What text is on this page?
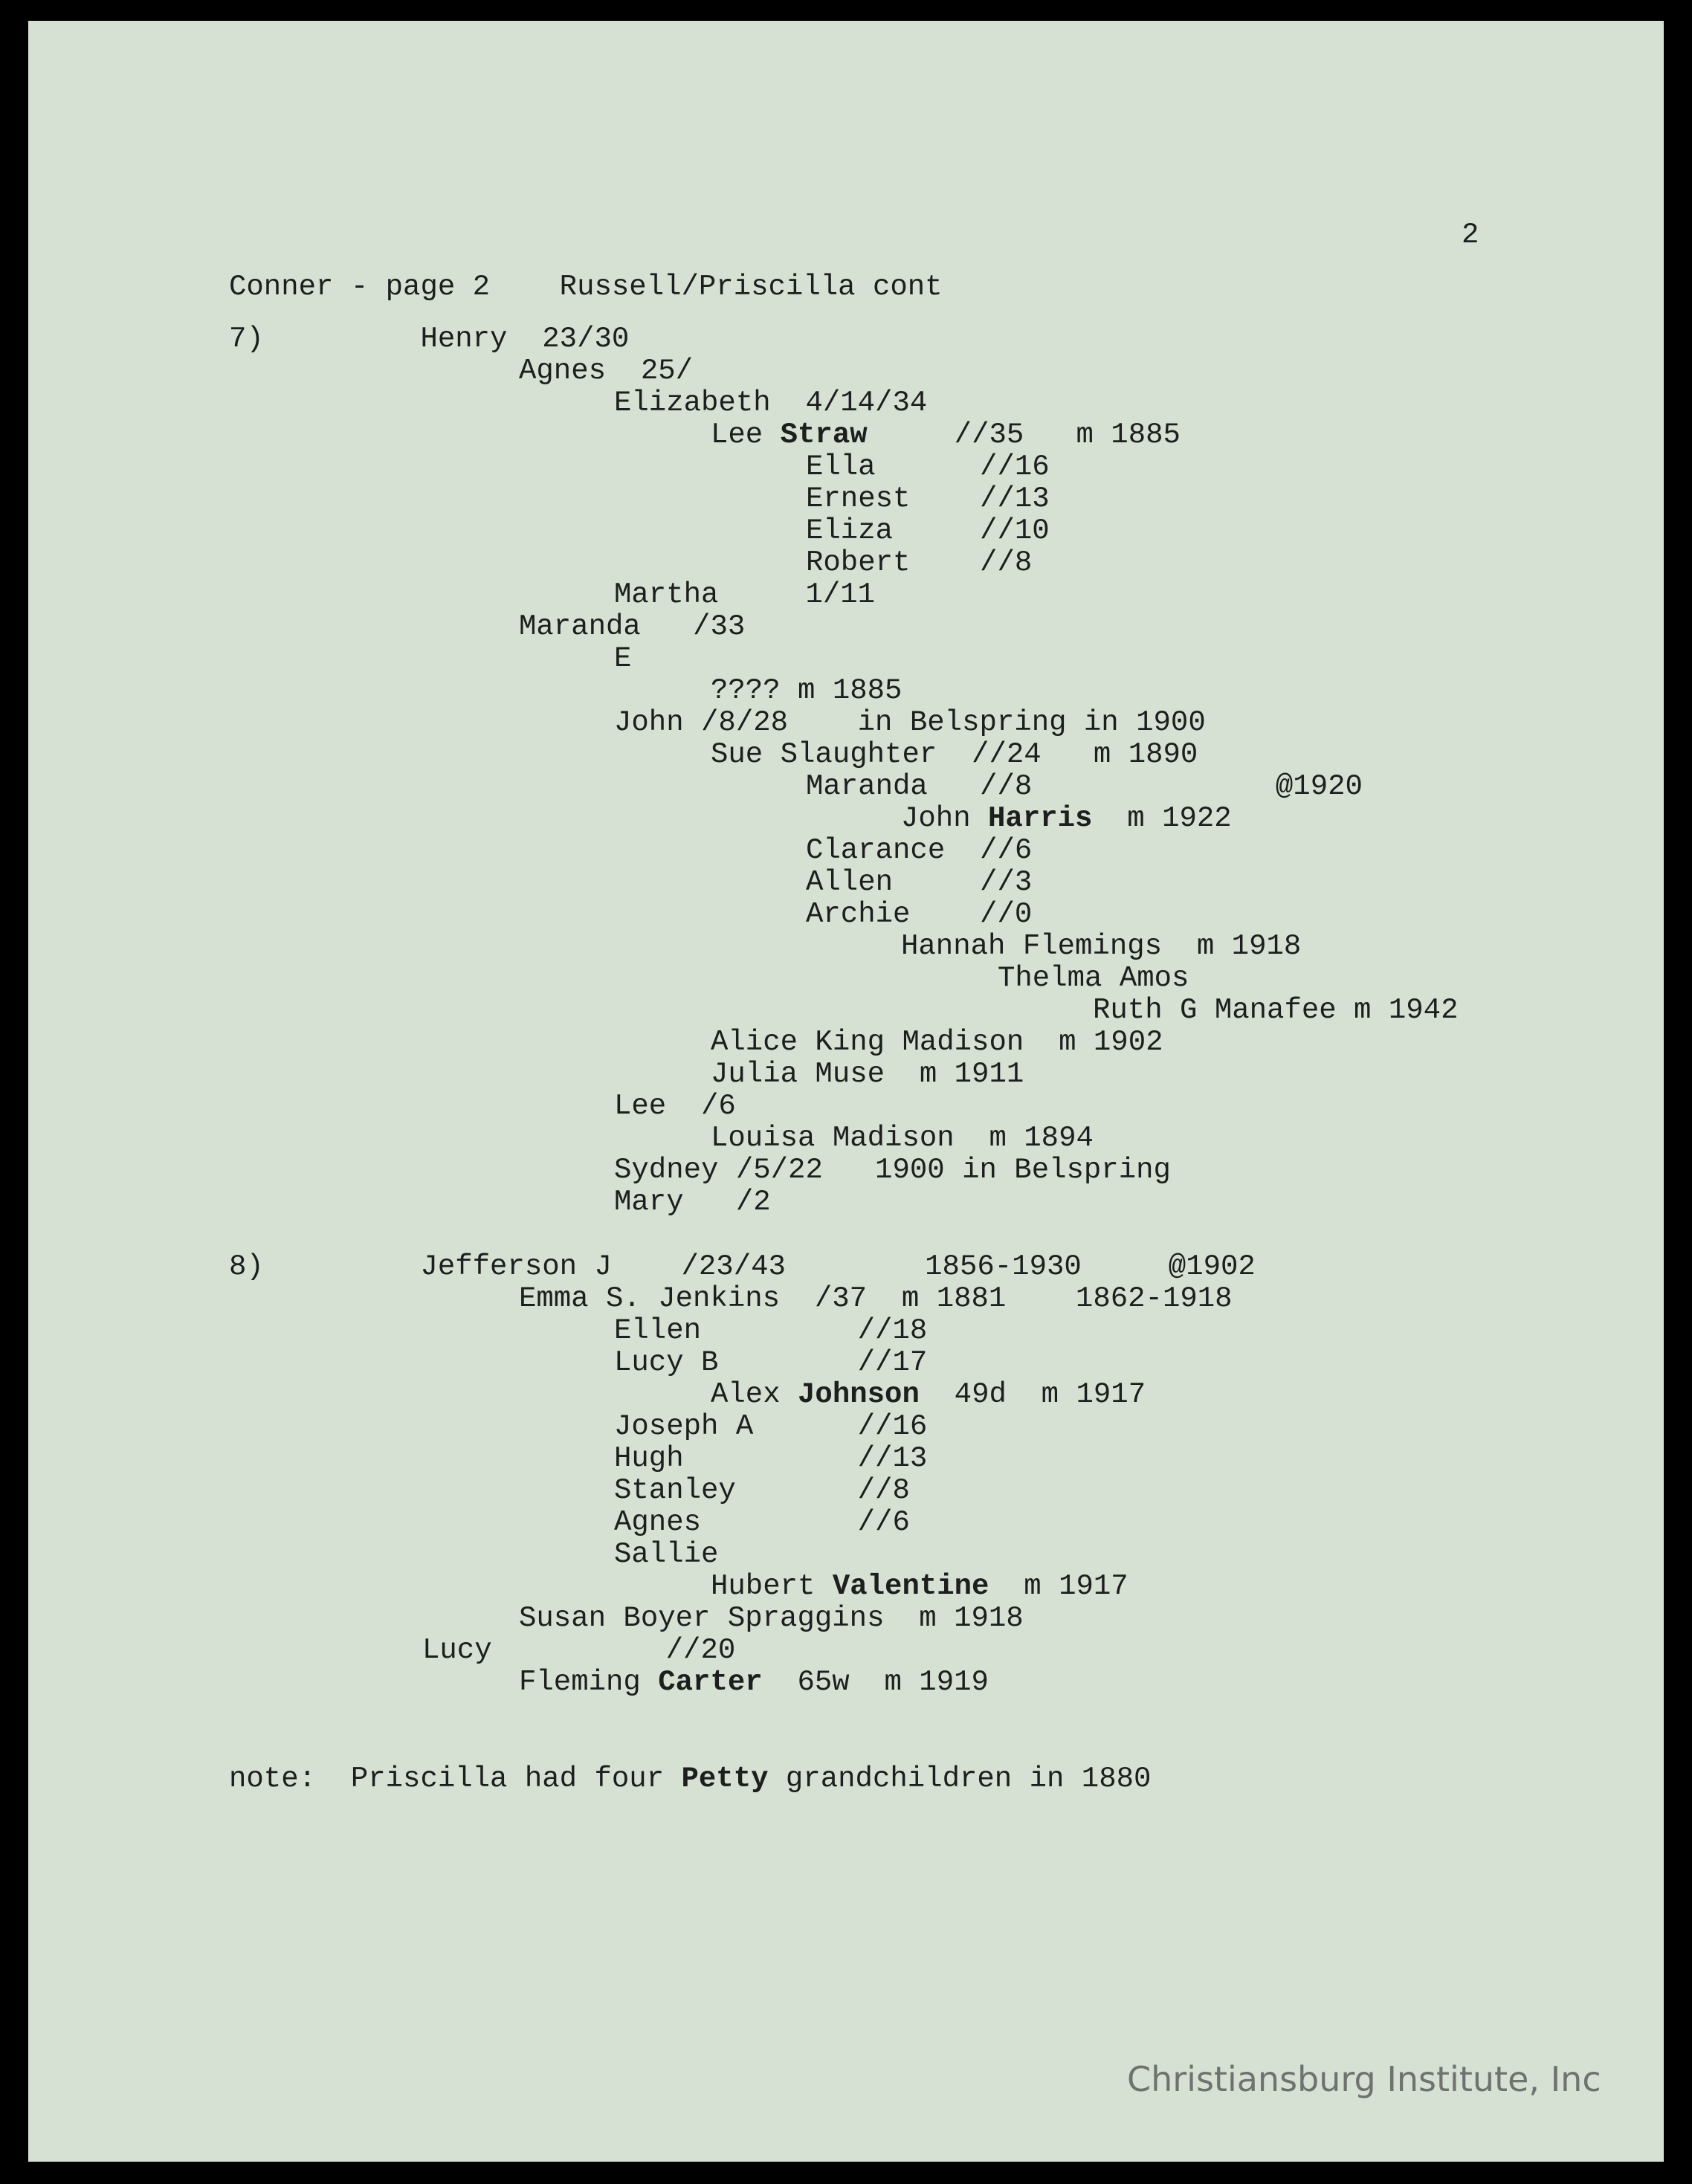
2
Conner - page 2    Russell/Priscilla cont
7)         Henry  23/30
Agnes  25/
Elizabeth  4/14/34
Lee Straw     //35   m 1885
Ella      //16
Ernest    //13
Eliza     //10
Robert    //8
Martha     1/11
Maranda   /33
E
???? m 1885
John /8/28    in Belspring in 1900
Sue Slaughter  //24   m 1890
Maranda   //8              @1920
John Harris  m 1922
Clarance  //6
Allen     //3
Archie    //0
Hannah Flemings  m 1918
Thelma Amos
Ruth G Manafee m 1942
Alice King Madison  m 1902
Julia Muse  m 1911
Lee  /6
Louisa Madison  m 1894
Sydney /5/22   1900 in Belspring
Mary   /2
8)         Jefferson J    /23/43        1856-1930     @1902
Emma S. Jenkins  /37  m 1881    1862-1918
Ellen         //18
Lucy B        //17
Alex Johnson  49d  m 1917
Joseph A      //16
Hugh          //13
Stanley       //8
Agnes         //6
Sallie
Hubert Valentine  m 1917
Susan Boyer Spraggins  m 1918
Lucy          //20
Fleming Carter  65w  m 1919
note:  Priscilla had four Petty grandchildren in 1880
Christiansburg Institute, Inc
